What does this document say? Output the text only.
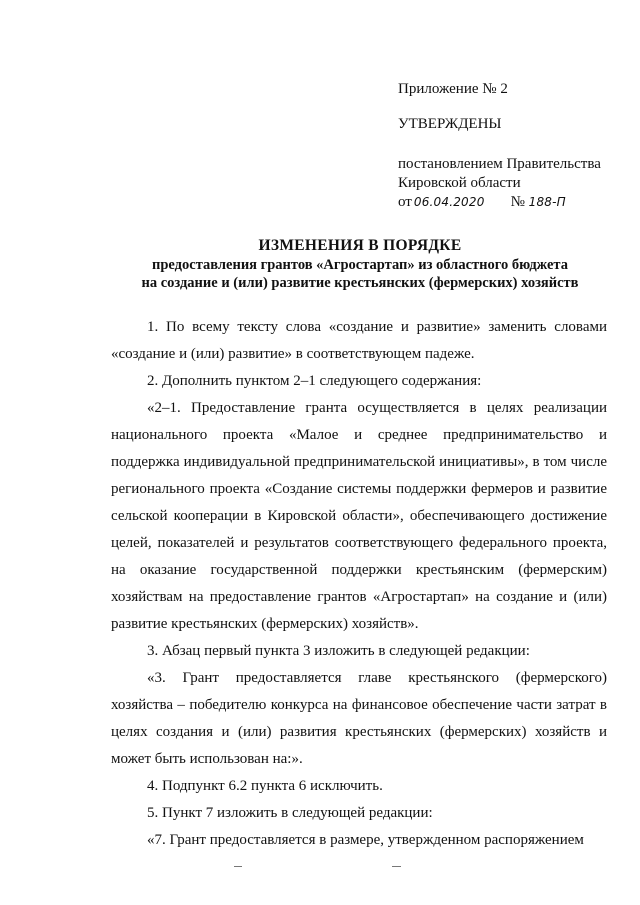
Приложение № 2
УТВЕРЖДЕНЫ
постановлением Правительства
Кировской области
от 06.04.2020 № 188-П
ИЗМЕНЕНИЯ В ПОРЯДКЕ
предоставления грантов «Агростартап» из областного бюджета
на создание и (или) развитие крестьянских (фермерских) хозяйств

1. По всему тексту слова «создание и развитие» заменить словами «создание и (или) развитие» в соответствующем падеже.

2. Дополнить пунктом 2–1 следующего содержания:

«2–1. Предоставление гранта осуществляется в целях реализации национального проекта «Малое и среднее предпринимательство и поддержка индивидуальной предпринимательской инициативы», в том числе регионального проекта «Создание системы поддержки фермеров и развитие сельской кооперации в Кировской области», обеспечивающего достижение целей, показателей и результатов соответствующего федерального проекта, на оказание государственной поддержки крестьянским (фермерским) хозяйствам на предоставление грантов «Агростартап» на создание и (или) развитие крестьянских (фермерских) хозяйств».

3. Абзац первый пункта 3 изложить в следующей редакции:

«3. Грант предоставляется главе крестьянского (фермерского) хозяйства – победителю конкурса на финансовое обеспечение части затрат в целях создания и (или) развития крестьянских (фермерских) хозяйств и может быть использован на:».

4. Подпункт 6.2 пункта 6 исключить.

5. Пункт 7 изложить в следующей редакции:

«7. Грант предоставляется в размере, утвержденном распоряжением
